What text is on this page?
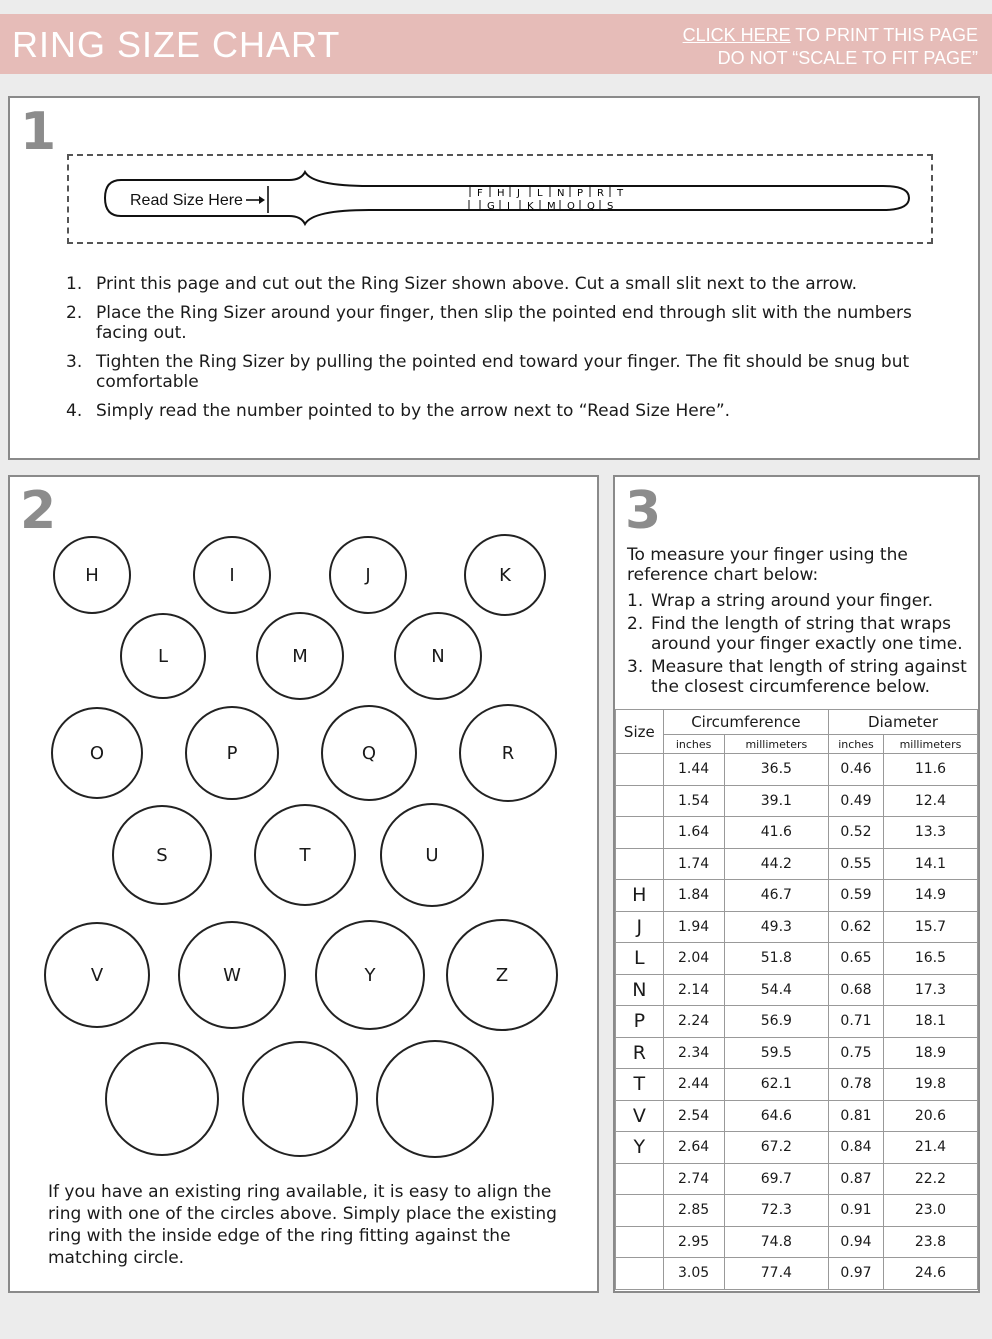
RING SIZE CHART	CLICK HERE TO PRINT THIS PAGE
DO NOT “SCALE TO FIT PAGE”
1
Read Size Here	F H J L N P R T
G I K M O Q S
1. Print this page and cut out the Ring Sizer shown above. Cut a small slit next to the arrow.
2. Place the Ring Sizer around your finger, then slip the pointed end through slit with the numbers facing out.
3. Tighten the Ring Sizer by pulling the pointed end toward your finger. The fit should be snug but comfortable
4. Simply read the number pointed to by the arrow next to “Read Size Here”.
2
H	I	J	K
L	M	N
O	P	Q	R
S	T	U
V	W	Y	Z
If you have an existing ring available, it is easy to align the ring with one of the circles above. Simply place the existing ring with the inside edge of the ring fitting against the matching circle.
3
To measure your finger using the reference chart below:
1. Wrap a string around your finger.
2. Find the length of string that wraps around your finger exactly one time.
3. Measure that length of string against the closest circumference below.
Size	Circumference		Diameter	
	inches	millimeters	inches	millimeters
	1.44	36.5	0.46	11.6
	1.54	39.1	0.49	12.4
	1.64	41.6	0.52	13.3
	1.74	44.2	0.55	14.1
H	1.84	46.7	0.59	14.9
J	1.94	49.3	0.62	15.7
L	2.04	51.8	0.65	16.5
N	2.14	54.4	0.68	17.3
P	2.24	56.9	0.71	18.1
R	2.34	59.5	0.75	18.9
T	2.44	62.1	0.78	19.8
V	2.54	64.6	0.81	20.6
Y	2.64	67.2	0.84	21.4
	2.74	69.7	0.87	22.2
	2.85	72.3	0.91	23.0
	2.95	74.8	0.94	23.8
	3.05	77.4	0.97	24.6
